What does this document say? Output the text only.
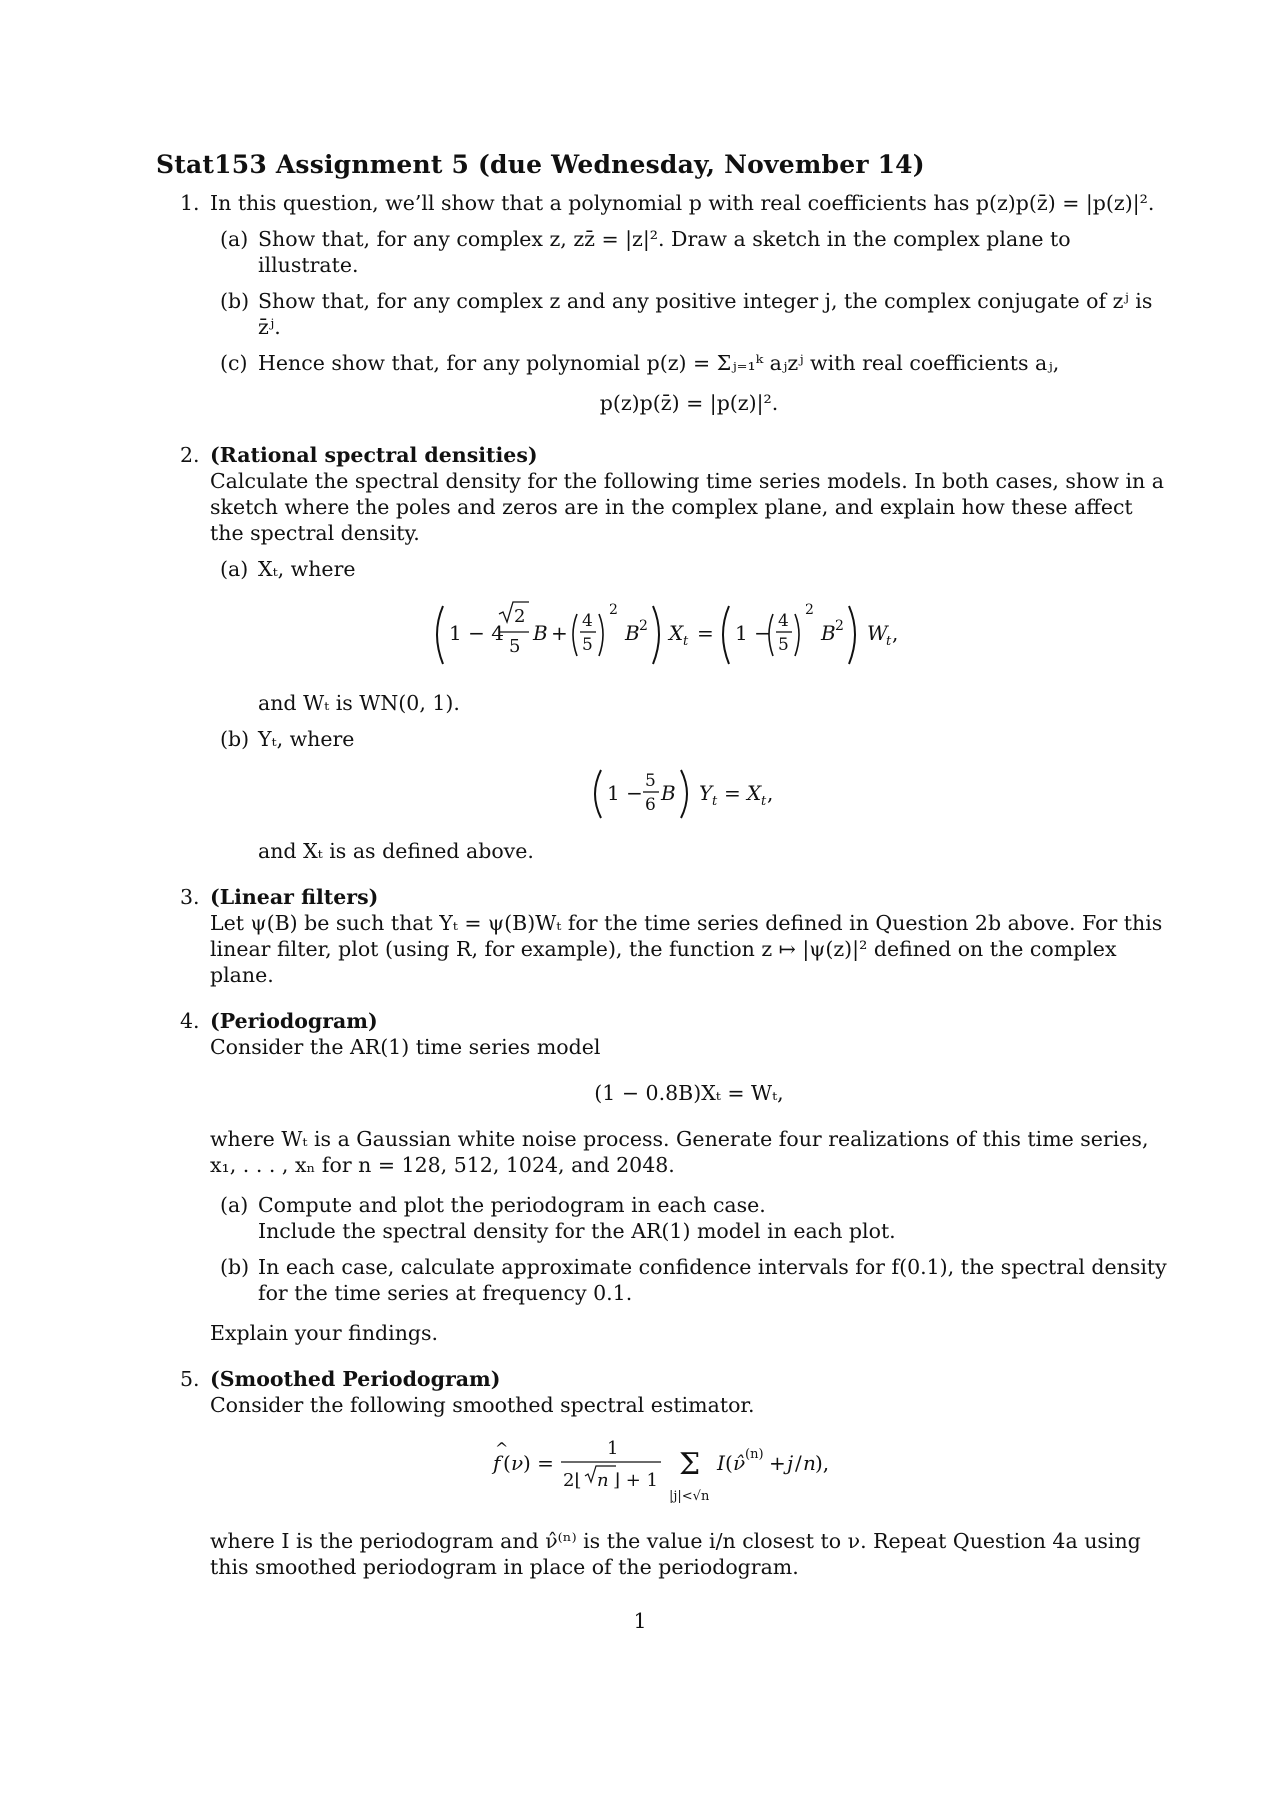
Stat153 Assignment 5 (due Wednesday, November 14)
1. In this question, we’ll show that a polynomial p with real coefficients has p(z)p(z̄) = |p(z)|².

(a) Show that, for any complex z, zz̄ = |z|². Draw a sketch in the complex plane to illustrate.

(b) Show that, for any complex z and any positive integer j, the complex conjugate of zʲ is z̄ʲ.

(c) Hence show that, for any polynomial p(z) = Σⱼ₌₁ᵏ aⱼzʲ with real coefficients aⱼ,

p(z)p(z̄) = |p(z)|².
2. (Rational spectral densities)

Calculate the spectral density for the following time series models. In both cases, show in a sketch where the poles and zeros are in the complex plane, and explain how these affect the spectral density.

(a) Xₜ, where

1 − 4
2
5
B + 4
5
2
B 2 X t = 1 − 4
5
2
B 2 W
t ,

and Wₜ is WN(0, 1).

(b) Yₜ, where

1 − 5
6 B Y t = X t ,

and Xₜ is as defined above.

3. (Linear filters)

Let ψ(B) be such that Yₜ = ψ(B)Wₜ for the time series defined in Question 2b above. For this linear filter, plot (using R, for example), the function z ↦ |ψ(z)|² defined on the complex plane.

4. (Periodogram)

Consider the AR(1) time series model

(1 − 0.8B)Xₜ = Wₜ,

where Wₜ is a Gaussian white noise process. Generate four realizations of this time series, x₁, . . . , xₙ for n = 128, 512, 1024, and 2048.

(a) Compute and plot the periodogram in each case.

Include the spectral density for the AR(1) model in each plot.

(b) In each case, calculate approximate confidence intervals for f(0.1), the spectral density for the time series at frequency 0.1.

Explain your findings.

5. (Smoothed Periodogram)

Consider the following smoothed spectral estimator.

f
^
( ν ) =
1
2⌊ n ⌋ + 1 Σ
|j|<√n
I ( ν̂ (n) + j / n ),

where I is the periodogram and ν̂⁽ⁿ⁾ is the value i/n closest to ν. Repeat Question 4a using this smoothed periodogram in place of the periodogram.

1
